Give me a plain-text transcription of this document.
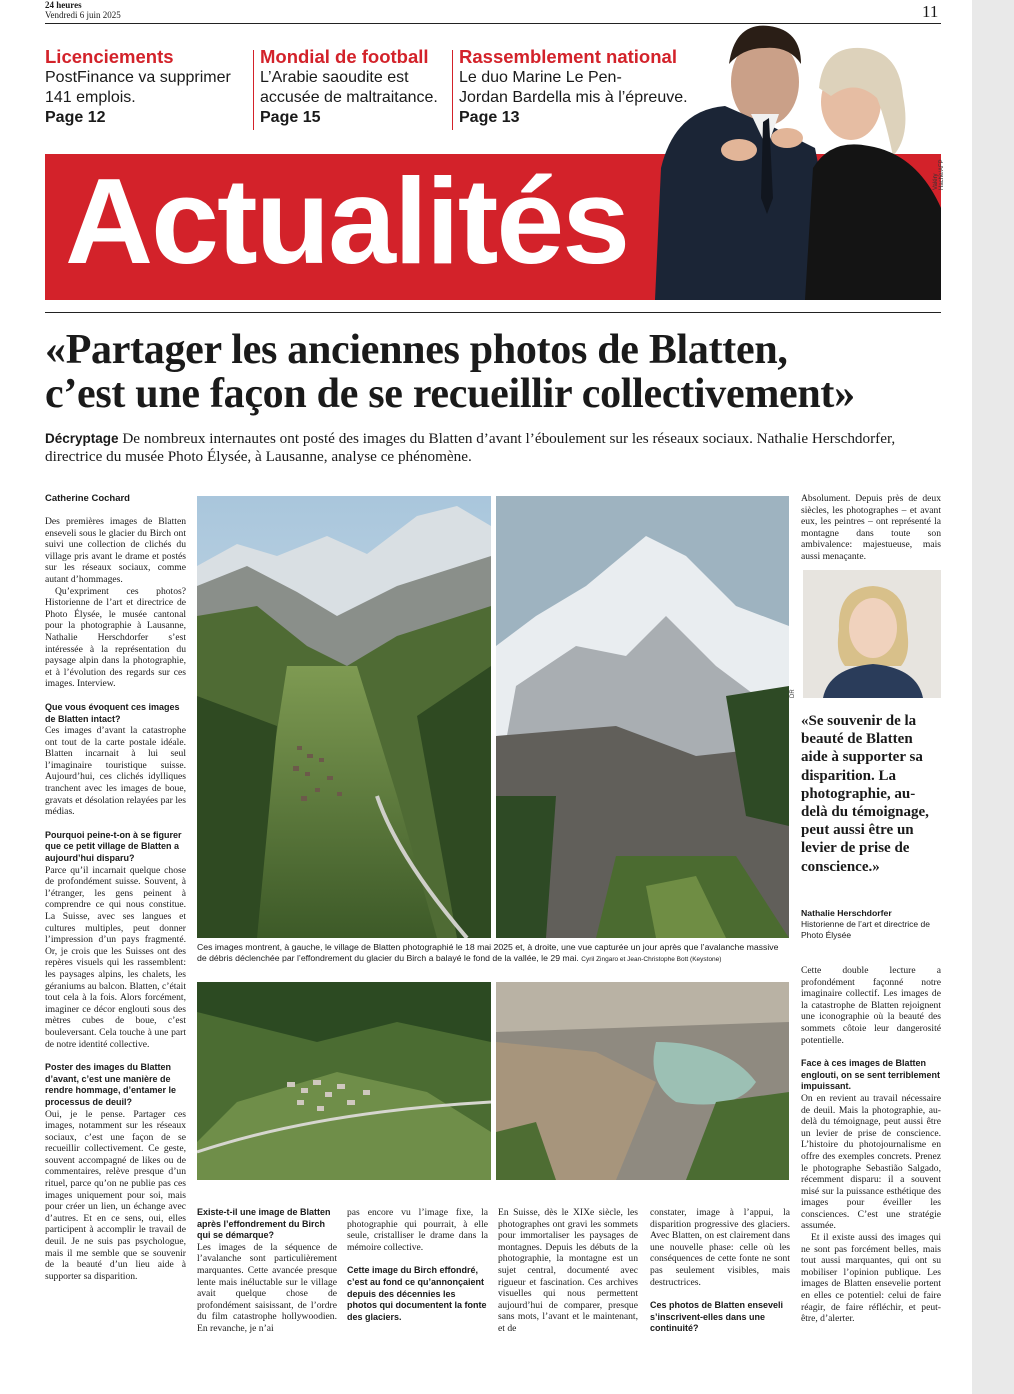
24 heures
Vendredi 6 juin 2025	11
Licenciements
PostFinance va supprimer
141 emplois.
Page 12
Mondial de football
L’Arabie saoudite est
accusée de maltraitance.
Page 15
Rassemblement national
Le duo Marine Le Pen-
Jordan Bardella mis à l’épreuve.
Page 13
Actualités	Valéry Hache/AFP
«Partager les anciennes photos de Blatten,
c’est une façon de se recueillir collectivement»
Décryptage De nombreux internautes ont posté des images du Blatten d’avant l’éboulement sur les réseaux sociaux. Nathalie Herschdorfer, directrice du musée Photo Élysée, à Lausanne, analyse ce phénomène.
Catherine Cochard

Des premières images de Blatten enseveli sous le glacier du Birch ont suivi une collection de clichés du village pris avant le drame et postés sur les réseaux sociaux, comme autant d’hommages.

Qu’expriment ces photos? Historienne de l’art et directrice de Photo Élysée, le musée cantonal pour la photographie à Lausanne, Nathalie Herschdorfer s’est intéressée à la représentation du paysage alpin dans la photographie, et à l’évolution des regards sur ces images. Interview.

Que vous évoquent ces images de Blatten intact?

Ces images d’avant la catastrophe ont tout de la carte postale idéale. Blatten incarnait à lui seul l’imaginaire touristique suisse. Aujourd’hui, ces clichés idylliques tranchent avec les images de boue, gravats et désolation relayées par les médias.

Pourquoi peine-t-on à se figurer que ce petit village de Blatten a aujourd’hui disparu?

Parce qu’il incarnait quelque chose de profondément suisse. Souvent, à l’étranger, les gens peinent à comprendre ce qui nous constitue. La Suisse, avec ses langues et cultures multiples, peut donner l’impression d’un pays fragmenté. Or, je crois que les Suisses ont des repères visuels qui les rassemblent: les paysages alpins, les chalets, les géraniums au balcon. Blatten, c’était tout cela à la fois. Alors forcément, imaginer ce décor englouti sous des mètres cubes de boue, c’est bouleversant. Cela touche à une part de notre identité collective.

Poster des images du Blatten d’avant, c’est une manière de rendre hommage, d’entamer le processus de deuil?

Oui, je le pense. Partager ces images, notamment sur les réseaux sociaux, c’est une façon de se recueillir collectivement. Ce geste, souvent accompagné de likes ou de commentaires, relève presque d’un rituel, parce qu’on ne publie pas ces images uniquement pour soi, mais pour créer un lien, un échange avec d’autres. Et en ce sens, oui, elles participent à accomplir le travail de deuil. Je ne suis pas psychologue, mais il me semble que se souvenir de la beauté d’un lieu aide à supporter sa disparition.

Ces images montrent, à gauche, le village de Blatten photographié le 18 mai 2025 et, à droite, une vue capturée un jour après que l’avalanche massive de débris déclenchée par l’effondrement du glacier du Birch a balayé le fond de la vallée, le 29 mai. Cyril Zingaro et Jean-Christophe Bott (Keystone)

Existe-t-il une image de Blatten après l’effondrement du Birch qui se démarque?

Les images de la séquence de l’avalanche sont particulièrement marquantes. Cette avancée presque lente mais inéluctable sur le village avait quelque chose de profondément saisissant, de l’ordre du film catastrophe hollywoodien. En revanche, je n’ai

pas encore vu l’image fixe, la photographie qui pourrait, à elle seule, cristalliser le drame dans la mémoire collective.

Cette image du Birch effondré, c’est au fond ce qu’annonçaient depuis des décennies les photos qui documentent la fonte des glaciers.

En Suisse, dès le XIXe siècle, les photographes ont gravi les sommets pour immortaliser les paysages de montagnes. Depuis les débuts de la photographie, la montagne est un sujet central, documenté avec rigueur et fascination. Ces archives visuelles qui nous permettent aujourd’hui de comparer, presque sans mots, l’avant et le maintenant, et de

constater, image à l’appui, la disparition progressive des glaciers. Avec Blatten, on est clairement dans une nouvelle phase: celle où les conséquences de cette fonte ne sont pas seulement visibles, mais destructrices.

Ces photos de Blatten enseveli s’inscrivent-elles dans une continuité?

Absolument. Depuis près de deux siècles, les photographes – et avant eux, les peintres – ont représenté la montagne dans toute son ambivalence: majestueuse, mais aussi menaçante.

DR
«Se souvenir de la beauté de Blatten aide à supporter sa disparition. La photographie, au-delà du témoignage, peut aussi être un levier de prise de conscience.»
Nathalie Herschdorfer
Historienne de l’art et directrice de Photo Élysée

Cette double lecture a profondément façonné notre imaginaire collectif. Les images de la catastrophe de Blatten rejoignent une iconographie où la beauté des sommets côtoie leur dangerosité potentielle.

Face à ces images de Blatten englouti, on se sent terriblement impuissant.

On en revient au travail nécessaire de deuil. Mais la photographie, au-delà du témoignage, peut aussi être un levier de prise de conscience. L’histoire du photojournalisme en offre des exemples concrets. Prenez le photographe Sebastião Salgado, récemment disparu: il a souvent misé sur la puissance esthétique des images pour éveiller les consciences. C’est une stratégie assumée.

Et il existe aussi des images qui ne sont pas forcément belles, mais tout aussi marquantes, qui ont su mobiliser l’opinion publique. Les images de Blatten ensevelie portent en elles ce potentiel: celui de faire réagir, de faire réfléchir, et peut-être, d’alerter.
